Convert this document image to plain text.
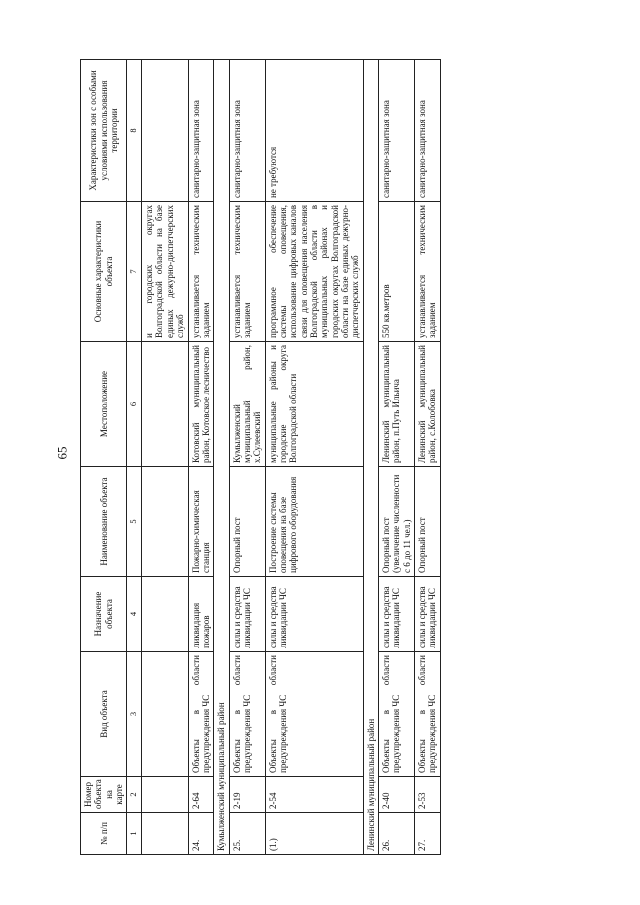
65
№ п/п	Номер объекта на карте	Вид объекта	Назначение объекта	Наименование объекта	Местоположение	Основные характеристики объекта	Характеристики зон с особыми условиями использования территории
1	2	3	4	5	6	7	8
						и городских округах Волгоградской области на базе единых дежурно-диспетчерских служб	
24.	2-64	Объекты в области предупреждения ЧС	ликвидация пожаров	Пожарно-химическая станция	Котовский муниципальный район, Котовское лесничество	устанавливается техническим заданием	санитарно-защитная зона
Кумылженский муниципальный район							
25.	2-19	Объекты в области предупреждения ЧС	силы и средства ликвидации ЧС	Опорный пост	Кумылженский муниципальный район, х.Сулеевский	устанавливается техническим заданием	санитарно-защитная зона
(1.)	2-54	Объекты в области предупреждения ЧС	силы и средства ликвидации ЧС	Построение системы оповещения на базе цифрового оборудования	муниципальные районы и городские округа Волгоградской области	программное обеспечение системы оповещения, использование цифровых каналов связи для оповещения населения Волгоградской области в муниципальных районах и городских округах Волгоградской области на базе единых дежурно-диспетчерских служб	не требуются
Ленинский муниципальный район							
26.	2-40	Объекты в области предупреждения ЧС	силы и средства ликвидации ЧС	Опорный пост (увеличение численности с 6 до 11 чел.)	Ленинский муниципальный район, п.Путь Ильича	550 кв.метров	санитарно-защитная зона
27.	2-53	Объекты в области предупреждения ЧС	силы и средства ликвидации ЧС	Опорный пост	Ленинский муниципальный район, с.Колобовка	устанавливается техническим заданием	санитарно-защитная зона
